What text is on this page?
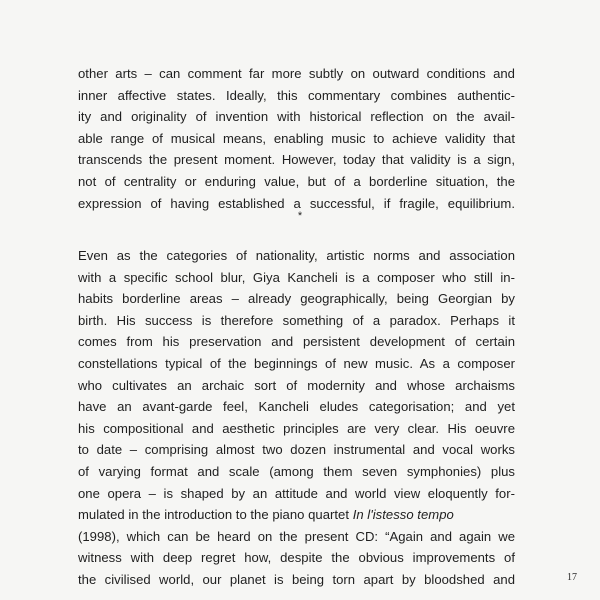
other arts – can comment far more subtly on outward conditions and
inner affective states. Ideally, this commentary combines authentic-
ity and originality of invention with historical reflection on the avail-
able range of musical means, enabling music to achieve validity that
transcends the present moment. However, today that validity is a sign,
not of centrality or enduring value, but of a borderline situation, the
expression of having established a successful, if fragile, equilibrium.
*
Even as the categories of nationality, artistic norms and association
with a specific school blur, Giya Kancheli is a composer who still in-
habits borderline areas – already geographically, being Georgian by
birth. His success is therefore something of a paradox. Perhaps it
comes from his preservation and persistent development of certain
constellations typical of the beginnings of new music. As a composer
who cultivates an archaic sort of modernity and whose archaisms
have an avant-garde feel, Kancheli eludes categorisation; and yet
his compositional and aesthetic principles are very clear. His oeuvre
to date – comprising almost two dozen instrumental and vocal works
of varying format and scale (among them seven symphonies) plus
one opera – is shaped by an attitude and world view eloquently for-
mulated in the introduction to the piano quartet In l'istesso tempo
(1998), which can be heard on the present CD: “Again and again we
witness with deep regret how, despite the obvious improvements of
the civilised world, our planet is being torn apart by bloodshed and	17
